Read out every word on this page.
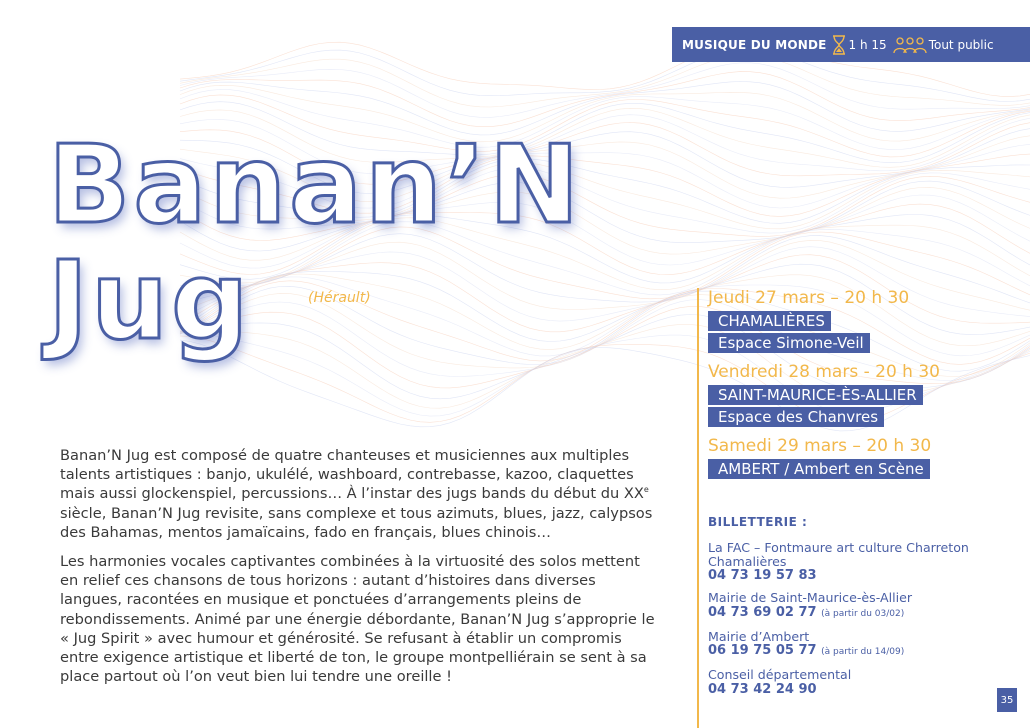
MUSIQUE DU MONDE 1 h 15	Tout public
Banan’N
Jug	(Hérault)

Banan’N Jug est composé de quatre chanteuses et musiciennes aux multiples talents artistiques : banjo, ukulélé, washboard, contrebasse, kazoo, claquettes mais aussi glockenspiel, percussions… À l’instar des jugs bands du début du XXe siècle, Banan’N Jug revisite, sans complexe et tous azimuts, blues, jazz, calypsos des Bahamas, mentos jamaïcains, fado en français, blues chinois…

Les harmonies vocales captivantes combinées à la virtuosité des solos mettent en relief ces chansons de tous horizons : autant d’histoires dans diverses langues, racontées en musique et ponctuées d’arrangements pleins de rebondissements. Animé par une énergie débordante, Banan’N Jug s’approprie le « Jug Spirit » avec humour et générosité. Se refusant à établir un compromis entre exigence artistique et liberté de ton, le groupe montpelliérain se sent à sa place partout où l’on veut bien lui tendre une oreille !

Jeudi 27 mars – 20 h 30
CHAMALIÈRES
Espace Simone-Veil
Vendredi 28 mars - 20 h 30
SAINT-MAURICE-ÈS-ALLIER
Espace des Chanvres
Samedi 29 mars – 20 h 30
AMBERT / Ambert en Scène
BILLETTERIE :
La FAC – Fontmaure art culture Charreton Chamalières
04 73 19 57 83
Mairie de Saint-Maurice-ès-Allier
04 73 69 02 77 (à partir du 03/02)
Mairie d’Ambert
06 19 75 05 77 (à partir du 14/09)
Conseil départemental
04 73 42 24 90
35
